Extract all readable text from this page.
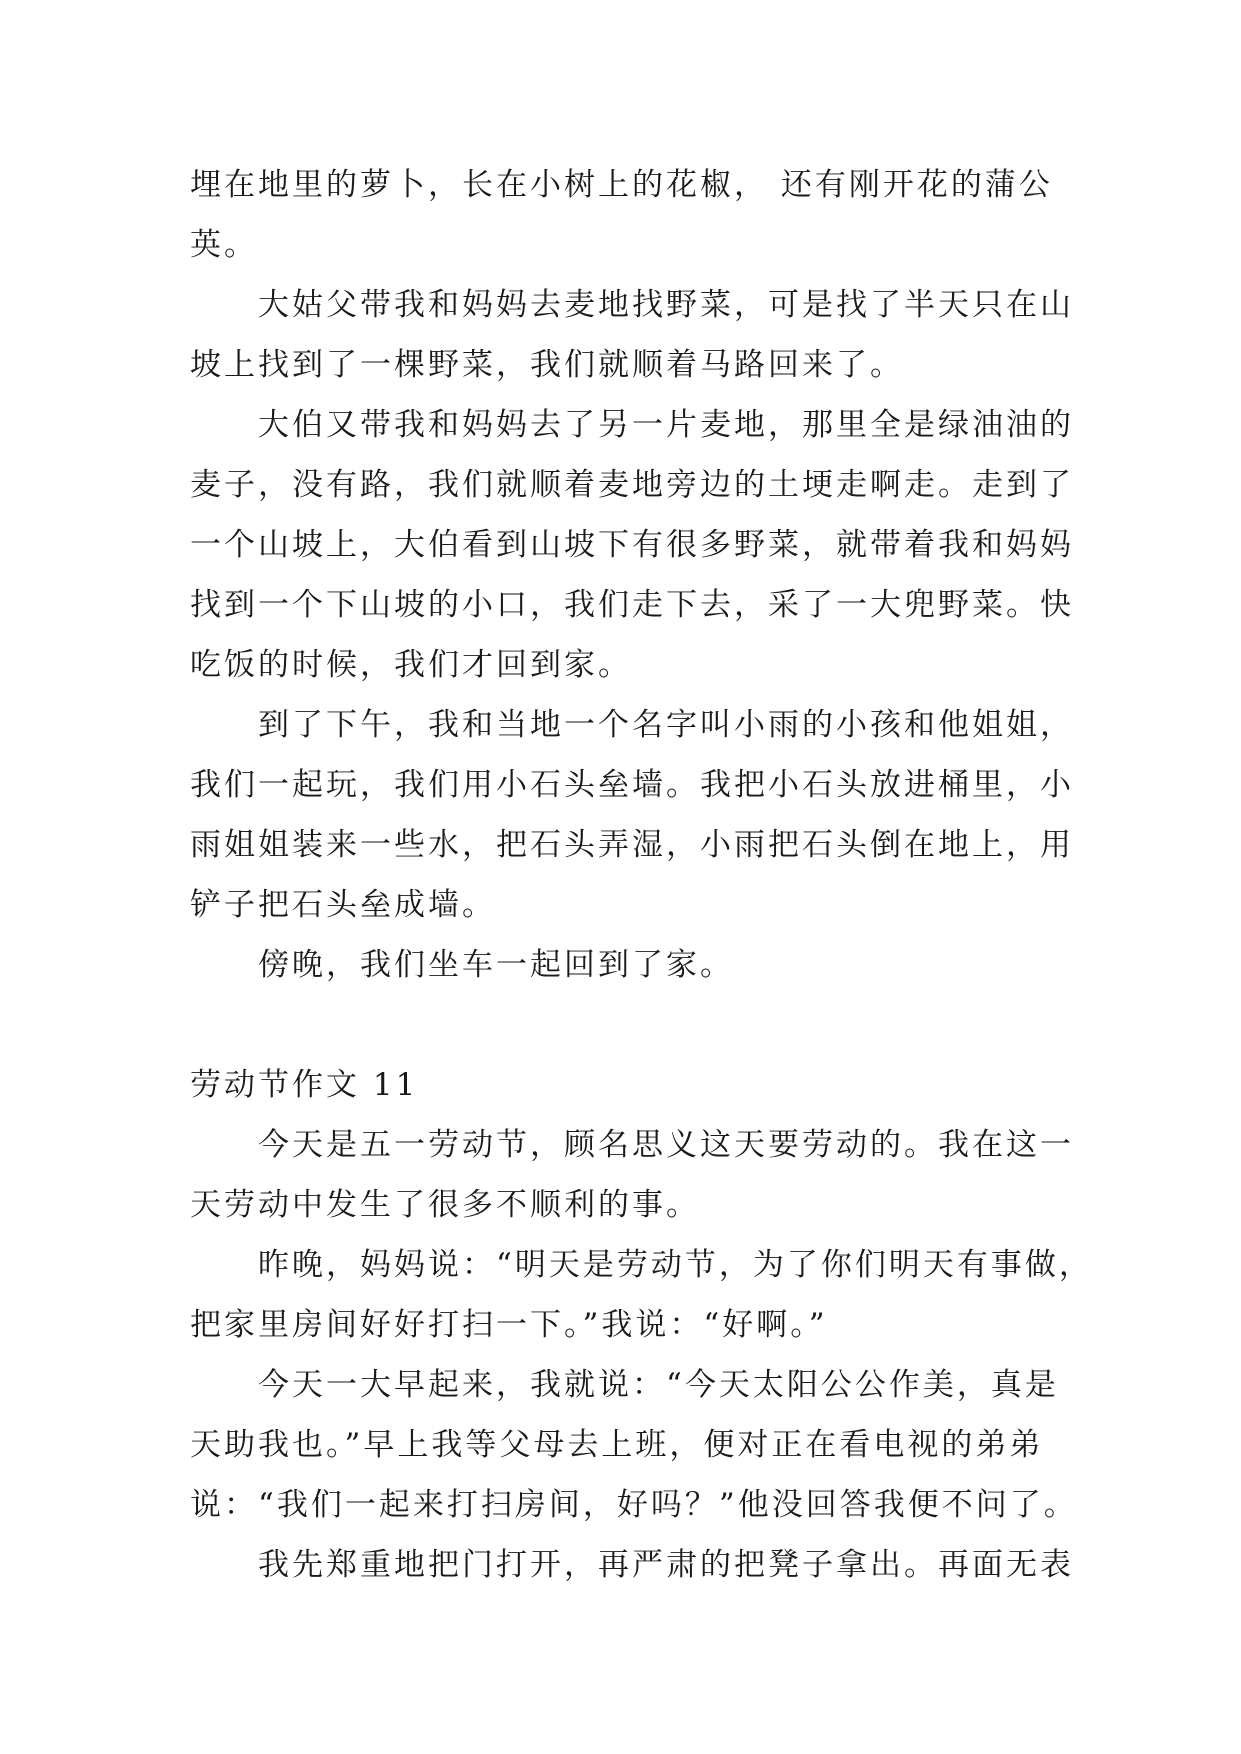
埋在地里的萝卜，长在小树上的花椒， 还有刚开花的蒲公
英。
大姑父带我和妈妈去麦地找野菜，可是找了半天只在山
坡上找到了一棵野菜，我们就顺着马路回来了。
大伯又带我和妈妈去了另一片麦地，那里全是绿油油的
麦子，没有路，我们就顺着麦地旁边的土埂走啊走。走到了
一个山坡上，大伯看到山坡下有很多野菜，就带着我和妈妈
找到一个下山坡的小口，我们走下去，采了一大兜野菜。快
吃饭的时候，我们才回到家。
到了下午，我和当地一个名字叫小雨的小孩和他姐姐，
我们一起玩，我们用小石头垒墙。我把小石头放进桶里，小
雨姐姐装来一些水，把石头弄湿，小雨把石头倒在地上，用
铲子把石头垒成墙。
傍晚，我们坐车一起回到了家。
劳动节作文 11
今天是五一劳动节，顾名思义这天要劳动的。我在这一
天劳动中发生了很多不顺利的事。
昨晚，妈妈说：“明天是劳动节，为了你们明天有事做，
把家里房间好好打扫一下。”我说：“好啊。”
今天一大早起来，我就说：“今天太阳公公作美，真是
天助我也。”早上我等父母去上班，便对正在看电视的弟弟
说：“我们一起来打扫房间，好吗？”他没回答我便不问了。
我先郑重地把门打开，再严肃的把凳子拿出。再面无表
